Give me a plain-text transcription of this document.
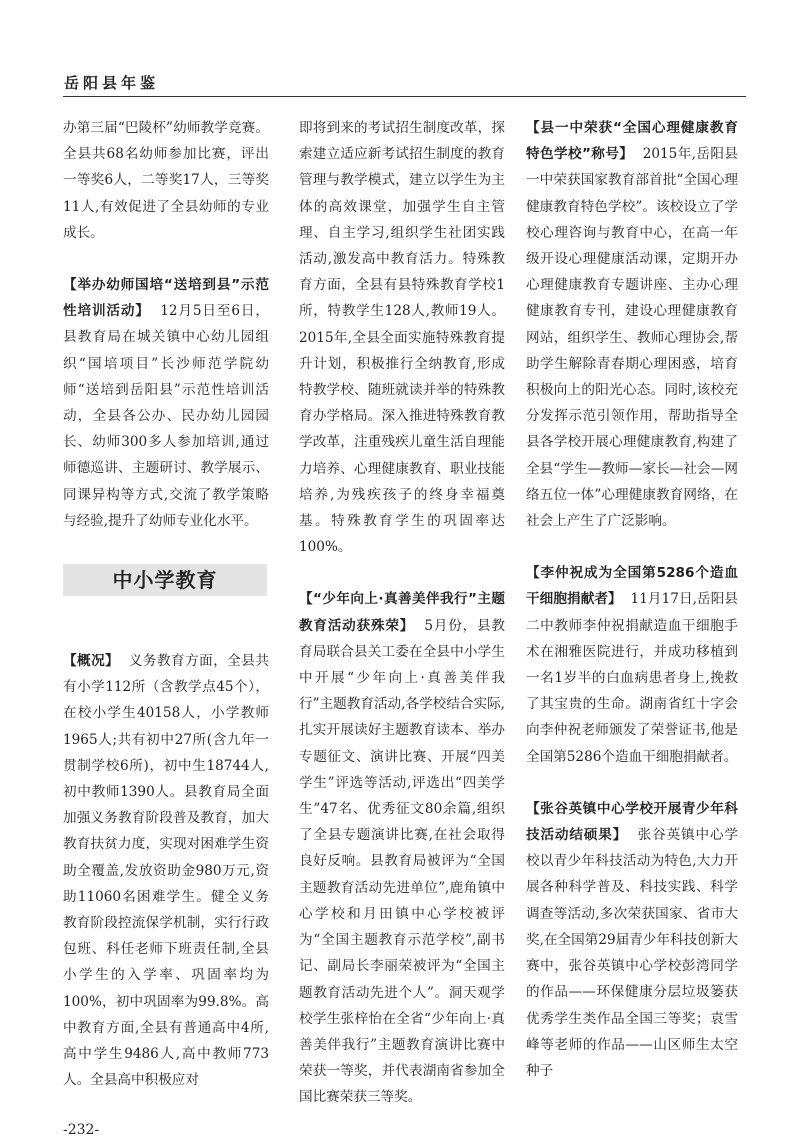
岳阳县年鉴

办第三届“巴陵杯”幼师教学竞赛。全县共68名幼师参加比赛，评出一等奖6人，二等奖17人，三等奖11人,有效促进了全县幼师的专业成长。

【举办幼师国培“送培到县”示范性培训活动】 12月5日至6日，县教育局在城关镇中心幼儿园组织“国培项目”长沙师范学院幼师“送培到岳阳县”示范性培训活动，全县各公办、民办幼儿园园长、幼师300多人参加培训,通过师德巡讲、主题研讨、教学展示、同课异构等方式,交流了教学策略与经验,提升了幼师专业化水平。

中小学教育

【概况】 义务教育方面，全县共有小学112所（含教学点45个），在校小学生40158人，小学教师1965人;共有初中27所(含九年一贯制学校6所)，初中生18744人,初中教师1390人。县教育局全面加强义务教育阶段普及教育，加大教育扶贫力度，实现对困难学生资助全覆盖,发放资助金980万元,资助11060名困难学生。健全义务教育阶段控流保学机制，实行行政包班、科任老师下班责任制,全县小学生的入学率、巩固率均为100%，初中巩固率为99.8%。高中教育方面,全县有普通高中4所,高中学生9486人,高中教师773人。全县高中积极应对

-232-

即将到来的考试招生制度改革，探索建立适应新考试招生制度的教育管理与教学模式，建立以学生为主体的高效课堂，加强学生自主管理、自主学习,组织学生社团实践活动,激发高中教育活力。特殊教育方面，全县有县特殊教育学校1所，特教学生128人,教师19人。2015年,全县全面实施特殊教育提升计划，积极推行全纳教育,形成特教学校、随班就读并举的特殊教育办学格局。深入推进特殊教育教学改革，注重残疾儿童生活自理能力培养、心理健康教育、职业技能培养,为残疾孩子的终身幸福奠基。特殊教育学生的巩固率达100%。

【“少年向上·真善美伴我行”主题教育活动获殊荣】 5月份，县教育局联合县关工委在全县中小学生中开展“少年向上·真善美伴我行”主题教育活动,各学校结合实际,扎实开展读好主题教育读本、举办专题征文、演讲比赛、开展“四美学生”评选等活动,评选出“四美学生”47名、优秀征文80余篇,组织了全县专题演讲比赛,在社会取得良好反响。县教育局被评为“全国主题教育活动先进单位”,鹿角镇中心学校和月田镇中心学校被评为“全国主题教育示范学校”,副书记、副局长李丽荣被评为“全国主题教育活动先进个人”。洞天观学校学生张梓怡在全省“少年向上·真善美伴我行”主题教育演讲比赛中荣获一等奖，并代表湖南省参加全国比赛荣获三等奖。

【县一中荣获“全国心理健康教育特色学校”称号】 2015年,岳阳县一中荣获国家教育部首批“全国心理健康教育特色学校”。该校设立了学校心理咨询与教育中心，在高一年级开设心理健康活动课，定期开办心理健康教育专题讲座、主办心理健康教育专刊，建设心理健康教育网站，组织学生、教师心理协会,帮助学生解除青春期心理困惑，培育积极向上的阳光心态。同时,该校充分发挥示范引领作用，帮助指导全县各学校开展心理健康教育,构建了全县“学生—教师—家长—社会—网络五位一体”心理健康教育网络，在社会上产生了广泛影响。

【李仲祝成为全国第5286个造血干细胞捐献者】 11月17日,岳阳县二中教师李仲祝捐献造血干细胞手术在湘雅医院进行，并成功移植到一名1岁半的白血病患者身上,挽救了其宝贵的生命。湖南省红十字会向李仲祝老师颁发了荣誉证书,他是全国第5286个造血干细胞捐献者。

【张谷英镇中心学校开展青少年科技活动结硕果】 张谷英镇中心学校以青少年科技活动为特色,大力开展各种科学普及、科技实践、科学调查等活动,多次荣获国家、省市大奖,在全国第29届青少年科技创新大赛中，张谷英镇中心学校彭湾同学的作品——环保健康分层垃圾篓获优秀学生类作品全国三等奖；袁雪峰等老师的作品——山区师生太空种子
